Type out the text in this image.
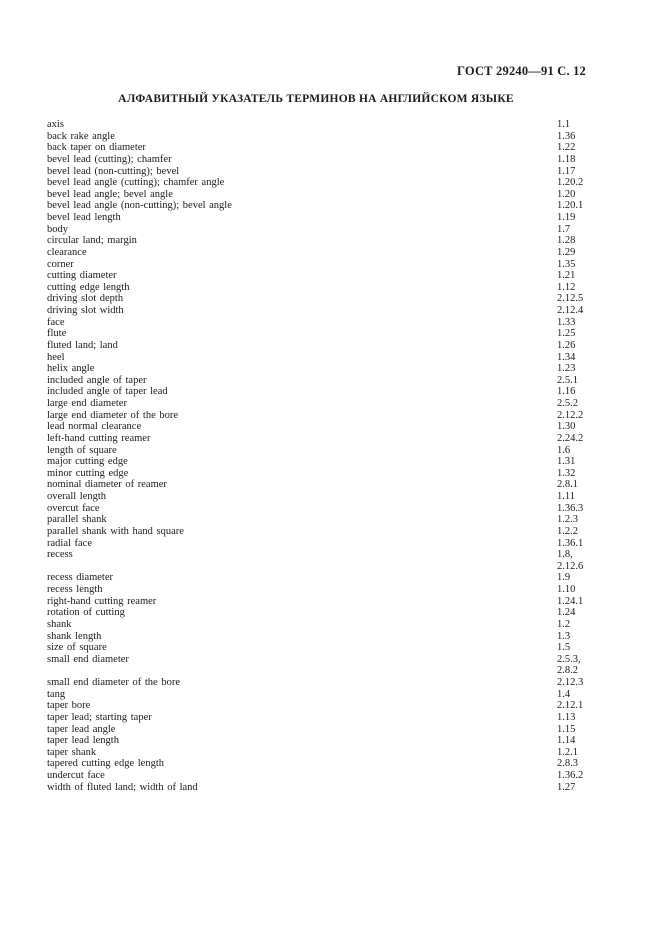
ГОСТ 29240—91 С. 12
АЛФАВИТНЫЙ УКАЗАТЕЛЬ ТЕРМИНОВ НА АНГЛИЙСКОМ ЯЗЫКЕ
axis	1.1
back rake angle	1.36
back taper on diameter	1.22
bevel lead (cutting); chamfer	1.18
bevel lead (non-cutting); bevel	1.17
bevel lead angle (cutting); chamfer angle	1.20.2
bevel lead angle; bevel angle	1.20
bevel lead angle (non-cutting); bevel angle	1.20.1
bevel lead length	1.19
body	1.7
circular land; margin	1.28
clearance	1.29
corner	1.35
cutting diameter	1.21
cutting edge length	1.12
driving slot depth	2.12.5
driving slot width	2.12.4
face	1.33
flute	1.25
fluted land; land	1.26
heel	1.34
helix angle	1.23
included angle of taper	2.5.1
included angle of taper lead	1.16
large end diameter	2.5.2
large end diameter of the bore	2.12.2
lead normal clearance	1.30
left-hand cutting reamer	2.24.2
length of square	1.6
major cutting edge	1.31
minor cutting edge	1.32
nominal diameter of reamer	2.8.1
overall length	1.11
overcut face	1.36.3
parallel shank	1.2.3
parallel shank with hand square	1.2.2
radial face	1.36.1
recess	1.8,
2.12.6
recess diameter	1.9
recess length	1.10
right-hand cutting reamer	1.24.1
rotation of cutting	1.24
shank	1.2
shank length	1.3
size of square	1.5
small end diameter	2.5.3,
2.8.2
small end diameter of the bore	2.12.3
tang	1.4
taper bore	2.12.1
taper lead; starting taper	1.13
taper lead angle	1.15
taper lead length	1.14
taper shank	1.2.1
tapered cutting edge length	2.8.3
undercut face	1.36.2
width of fluted land; width of land	1.27
